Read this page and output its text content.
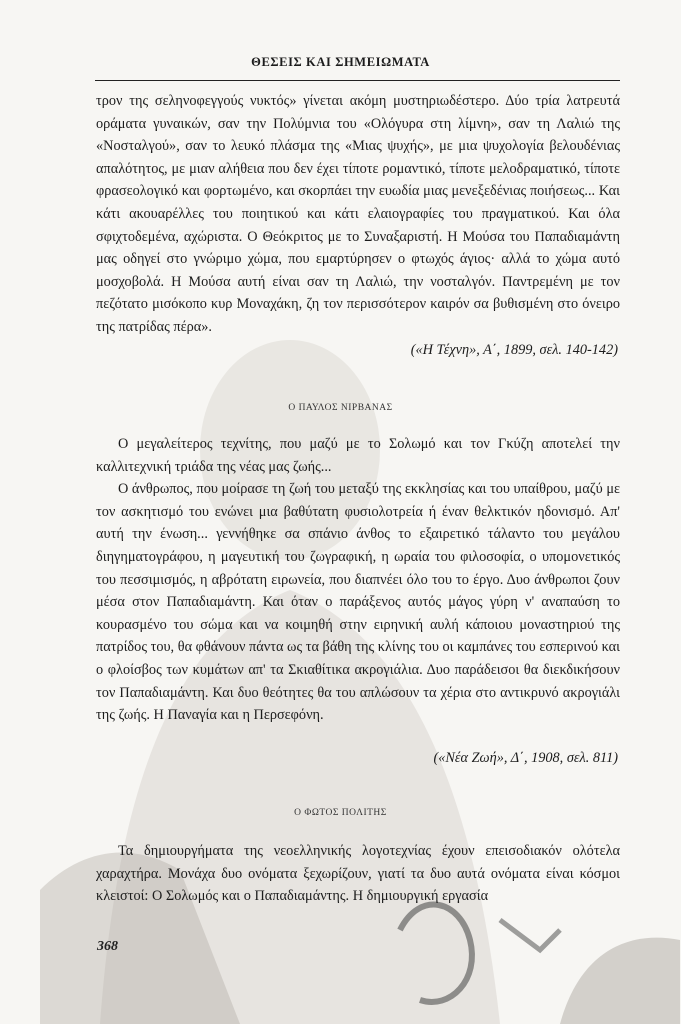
ΘΕΣΕΙΣ ΚΑΙ ΣΗΜΕΙΩΜΑΤΑ

τρον της σεληνοφεγγούς νυκτός» γίνεται ακόμη μυστηριωδέστερο. Δύο τρία λατρευτά οράματα γυναικών, σαν την Πολύμνια του «Ολόγυρα στη λίμνη», σαν τη Λαλιώ της «Νοσταλγού», σαν το λευκό πλάσμα της «Μιας ψυχής», με μια ψυχολογία βελουδένιας απαλότητος, με μιαν αλήθεια που δεν έχει τίποτε ρομαντικό, τίποτε μελοδραματικό, τίποτε φρασεολογικό και φορτωμένο, και σκορπάει την ευωδία μιας μενεξεδένιας ποιήσεως... Και κάτι ακουαρέλλες του ποιητικού και κάτι ελαιογραφίες του πραγματικού. Και όλα σφιχτοδεμένα, αχώριστα. Ο Θεόκριτος με το Συναξαριστή. Η Μούσα του Παπαδιαμάντη μας οδηγεί στο γνώριμο χώμα, που εμαρτύρησεν ο φτωχός άγιος· αλλά το χώμα αυτό μοσχοβολά. Η Μούσα αυτή είναι σαν τη Λαλιώ, την νοσταλγόν. Παντρεμένη με τον πεζότατο μισόκοπο κυρ Μοναχάκη, ζη τον περισσότερον καιρόν σα βυθισμένη στο όνειρο της πατρίδας πέρα».

(«Η Τέχνη», Α΄, 1899, σελ. 140-142)

Ο ΠΑΥΛΟΣ ΝΙΡΒΑΝΑΣ

Ο μεγαλείτερος τεχνίτης, που μαζύ με το Σολωμό και τον Γκύζη αποτελεί την καλλιτεχνική τριάδα της νέας μας ζωής...

Ο άνθρωπος, που μοίρασε τη ζωή του μεταξύ της εκκλησίας και του υπαίθρου, μαζύ με τον ασκητισμό του ενώνει μια βαθύτατη φυσιολοτρεία ή έναν θελκτικόν ηδονισμό. Απ' αυτή την ένωση... γεννήθηκε σα σπάνιο άνθος το εξαιρετικό τάλαντο του μεγάλου διηγηματογράφου, η μαγευτική του ζωγραφική, η ωραία του φιλοσοφία, ο υπομονετικός του πεσσιμισμός, η αβρότατη ειρωνεία, που διαπνέει όλο του το έργο. Δυο άνθρωποι ζουν μέσα στον Παπαδιαμάντη. Και όταν ο παράξενος αυτός μάγος γύρη ν' αναπαύση το κουρασμένο του σώμα και να κοιμηθή στην ειρηνική αυλή κάποιου μοναστηριού της πατρίδος του, θα φθάνουν πάντα ως τα βάθη της κλίνης του οι καμπάνες του εσπερινού και ο φλοίσβος των κυμάτων απ' τα Σκιαθίτικα ακρογιάλια. Δυο παράδεισοι θα διεκδικήσουν τον Παπαδιαμάντη. Και δυο θεότητες θα του απλώσουν τα χέρια στο αντικρυνό ακρογιάλι της ζωής. Η Παναγία και η Περσεφόνη.

(«Νέα Ζωή», Δ΄, 1908, σελ. 811)

Ο ΦΩΤΟΣ ΠΟΛΙΤΗΣ

Τα δημιουργήματα της νεοελληνικής λογοτεχνίας έχουν επεισοδιακόν ολότελα χαραχτήρα. Μονάχα δυο ονόματα ξεχωρίζουν, γιατί τα δυο αυτά ονόματα είναι κόσμοι κλειστοί: Ο Σολωμός και ο Παπαδιαμάντης. Η δημιουργική εργασία

368
